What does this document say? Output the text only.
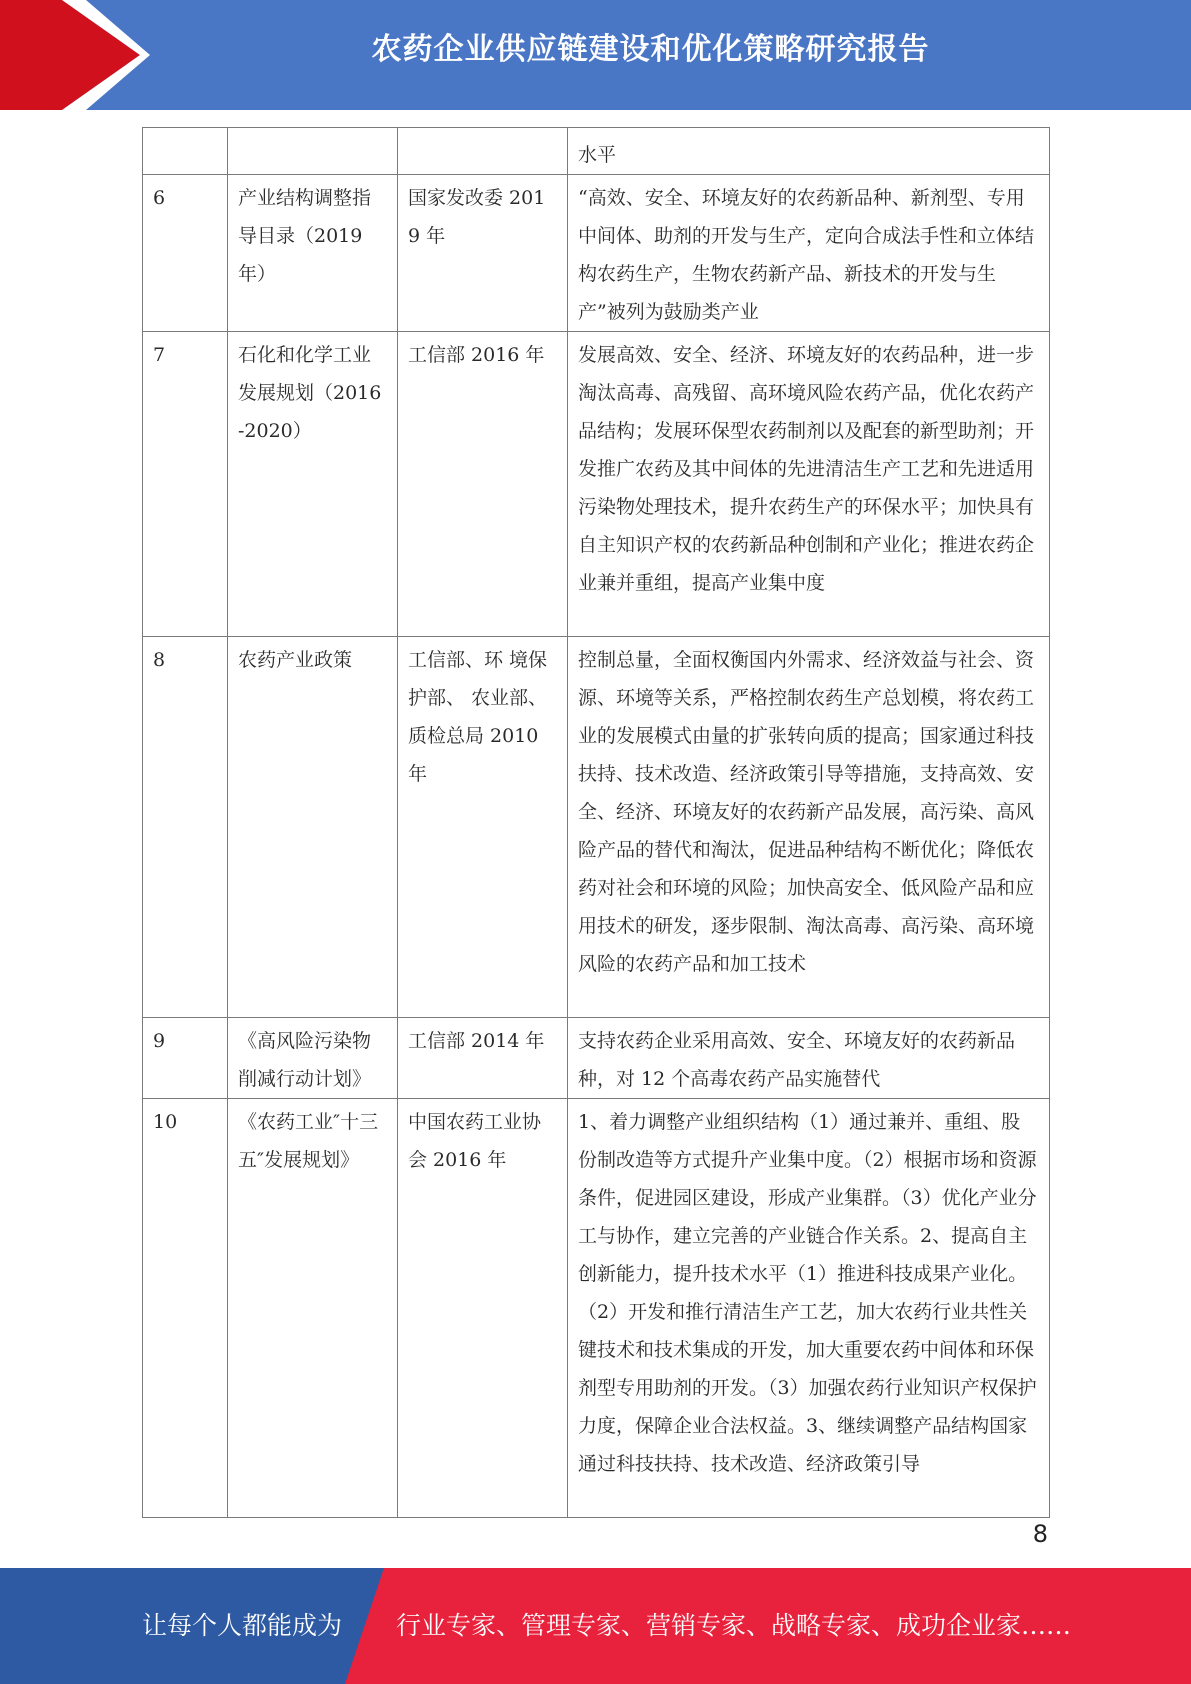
农药企业供应链建设和优化策略研究报告
			水平
6	产业结构调整指导目录（2019年）	国家发改委 2019 年	“高效、安全、环境友好的农药新品种、新剂型、专用中间体、助剂的开发与生产，定向合成法手性和立体结构农药生产，生物农药新产品、新技术的开发与生产”被列为鼓励类产业
7	石化和化学工业发展规划（2016-2020）	工信部 2016 年	发展高效、安全、经济、环境友好的农药品种，进一步淘汰高毒、高残留、高环境风险农药产品，优化农药产品结构；发展环保型农药制剂以及配套的新型助剂；开发推广农药及其中间体的先进清洁生产工艺和先进适用污染物处理技术，提升农药生产的环保水平；加快具有自主知识产权的农药新品种创制和产业化；推进农药企业兼并重组，提高产业集中度
8	农药产业政策	工信部、环 境保护部、 农业部、质检总局 2010 年	控制总量，全面权衡国内外需求、经济效益与社会、资源、环境等关系，严格控制农药生产总划模，将农药工业的发展模式由量的扩张转向质的提高；国家通过科技扶持、技术改造、经济政策引导等措施，支持高效、安全、经济、环境友好的农药新产品发展，高污染、高风险产品的替代和淘汰，促进品种结构不断优化；降低农药对社会和环境的风险；加快高安全、低风险产品和应用技术的研发，逐步限制、淘汰高毒、高污染、高环境风险的农药产品和加工技术
9	《高风险污染物削减行动计划》	工信部 2014 年	支持农药企业采用高效、安全、环境友好的农药新品种，对 12 个高毒农药产品实施替代
10	《农药工业″十三五″发展规划》	中国农药工业协会 2016 年	1、着力调整产业组织结构（1）通过兼并、重组、股份制改造等方式提升产业集中度。（2）根据市场和资源条件，促进园区建设，形成产业集群。（3）优化产业分工与协作，建立完善的产业链合作关系。2、提高自主创新能力，提升技术水平（1）推进科技成果产业化。（2）开发和推行清洁生产工艺，加大农药行业共性关键技术和技术集成的开发，加大重要农药中间体和环保剂型专用助剂的开发。（3）加强农药行业知识产权保护力度，保障企业合法权益。3、继续调整产品结构国家通过科技扶持、技术改造、经济政策引导
8
让每个人都能成为 行业专家、管理专家、营销专家、战略专家、成功企业家……
